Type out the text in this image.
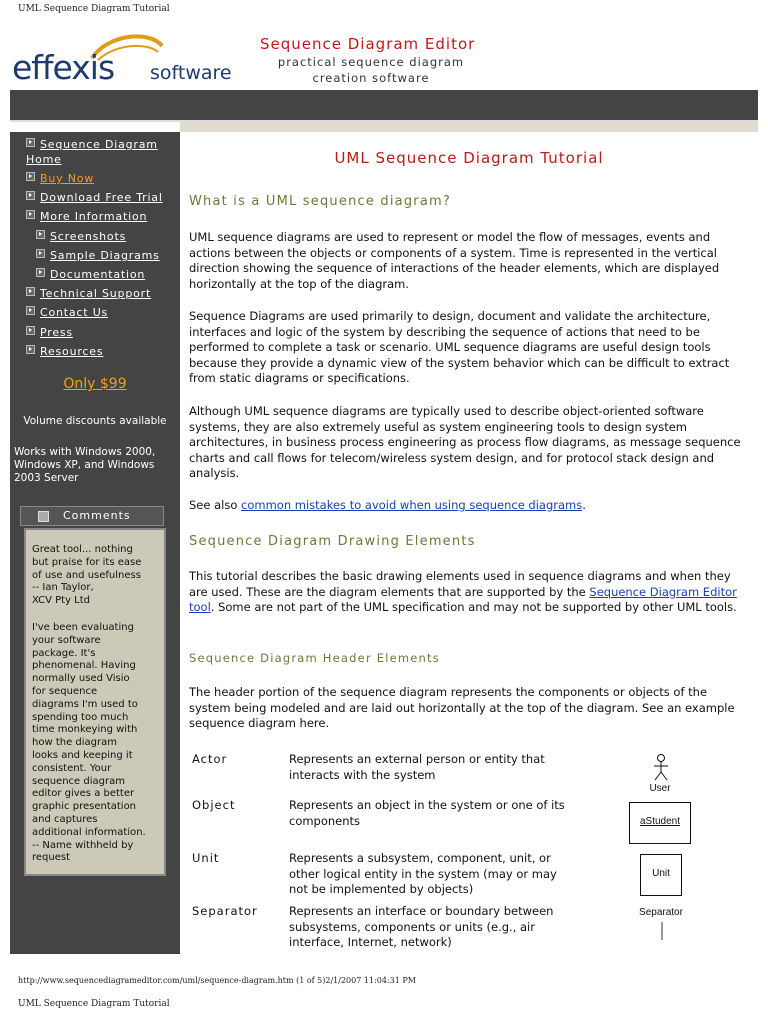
UML Sequence Diagram Tutorial
http://www.sequencediagrameditor.com/uml/sequence-diagram.htm (1 of 5)2/1/2007 11:04:31 PM
UML Sequence Diagram Tutorial
effexis software
Sequence Diagram Editor
practical sequence diagram
creation software
Sequence Diagram
Home
Buy Now
Download Free Trial
More Information
Screenshots
Sample Diagrams
Documentation
Technical Support
Contact Us
Press
Resources
Only $99
Volume discounts available
Works with Windows 2000,
Windows XP, and Windows
2003 Server
Comments
Great tool... nothing
but praise for its ease
of use and usefulness
-- Ian Taylor,
XCV Pty Ltd
I've been evaluating
your software
package. It's
phenomenal. Having
normally used Visio
for sequence
diagrams I'm used to
spending too much
time monkeying with
how the diagram
looks and keeping it
consistent. Your
sequence diagram
editor gives a better
graphic presentation
and captures
additional information.
-- Name withheld by
request
UML Sequence Diagram Tutorial
What is a UML sequence diagram?
UML sequence diagrams are used to represent or model the flow of messages, events and actions between the objects or components of a system. Time is represented in the vertical direction showing the sequence of interactions of the header elements, which are displayed horizontally at the top of the diagram.
Sequence Diagrams are used primarily to design, document and validate the architecture, interfaces and logic of the system by describing the sequence of actions that need to be performed to complete a task or scenario. UML sequence diagrams are useful design tools because they provide a dynamic view of the system behavior which can be difficult to extract from static diagrams or specifications.
Although UML sequence diagrams are typically used to describe object-oriented software systems, they are also extremely useful as system engineering tools to design system architectures, in business process engineering as process flow diagrams, as message sequence charts and call flows for telecom/wireless system design, and for protocol stack design and analysis.
See also common mistakes to avoid when using sequence diagrams.
Sequence Diagram Drawing Elements
This tutorial describes the basic drawing elements used in sequence diagrams and when they are used. These are the diagram elements that are supported by the Sequence Diagram Editor tool. Some are not part of the UML specification and may not be supported by other UML tools.
Sequence Diagram Header Elements
The header portion of the sequence diagram represents the components or objects of the system being modeled and are laid out horizontally at the top of the diagram. See an example sequence diagram here.
Actor	Represents an external person or entity that interacts with the system
Object	Represents an object in the system or one of its components
Unit	Represents a subsystem, component, unit, or other logical entity in the system (may or may not be implemented by objects)
Separator	Represents an interface or boundary between subsystems, components or units (e.g., air interface, Internet, network)
User
aStudent
Unit
Separator
